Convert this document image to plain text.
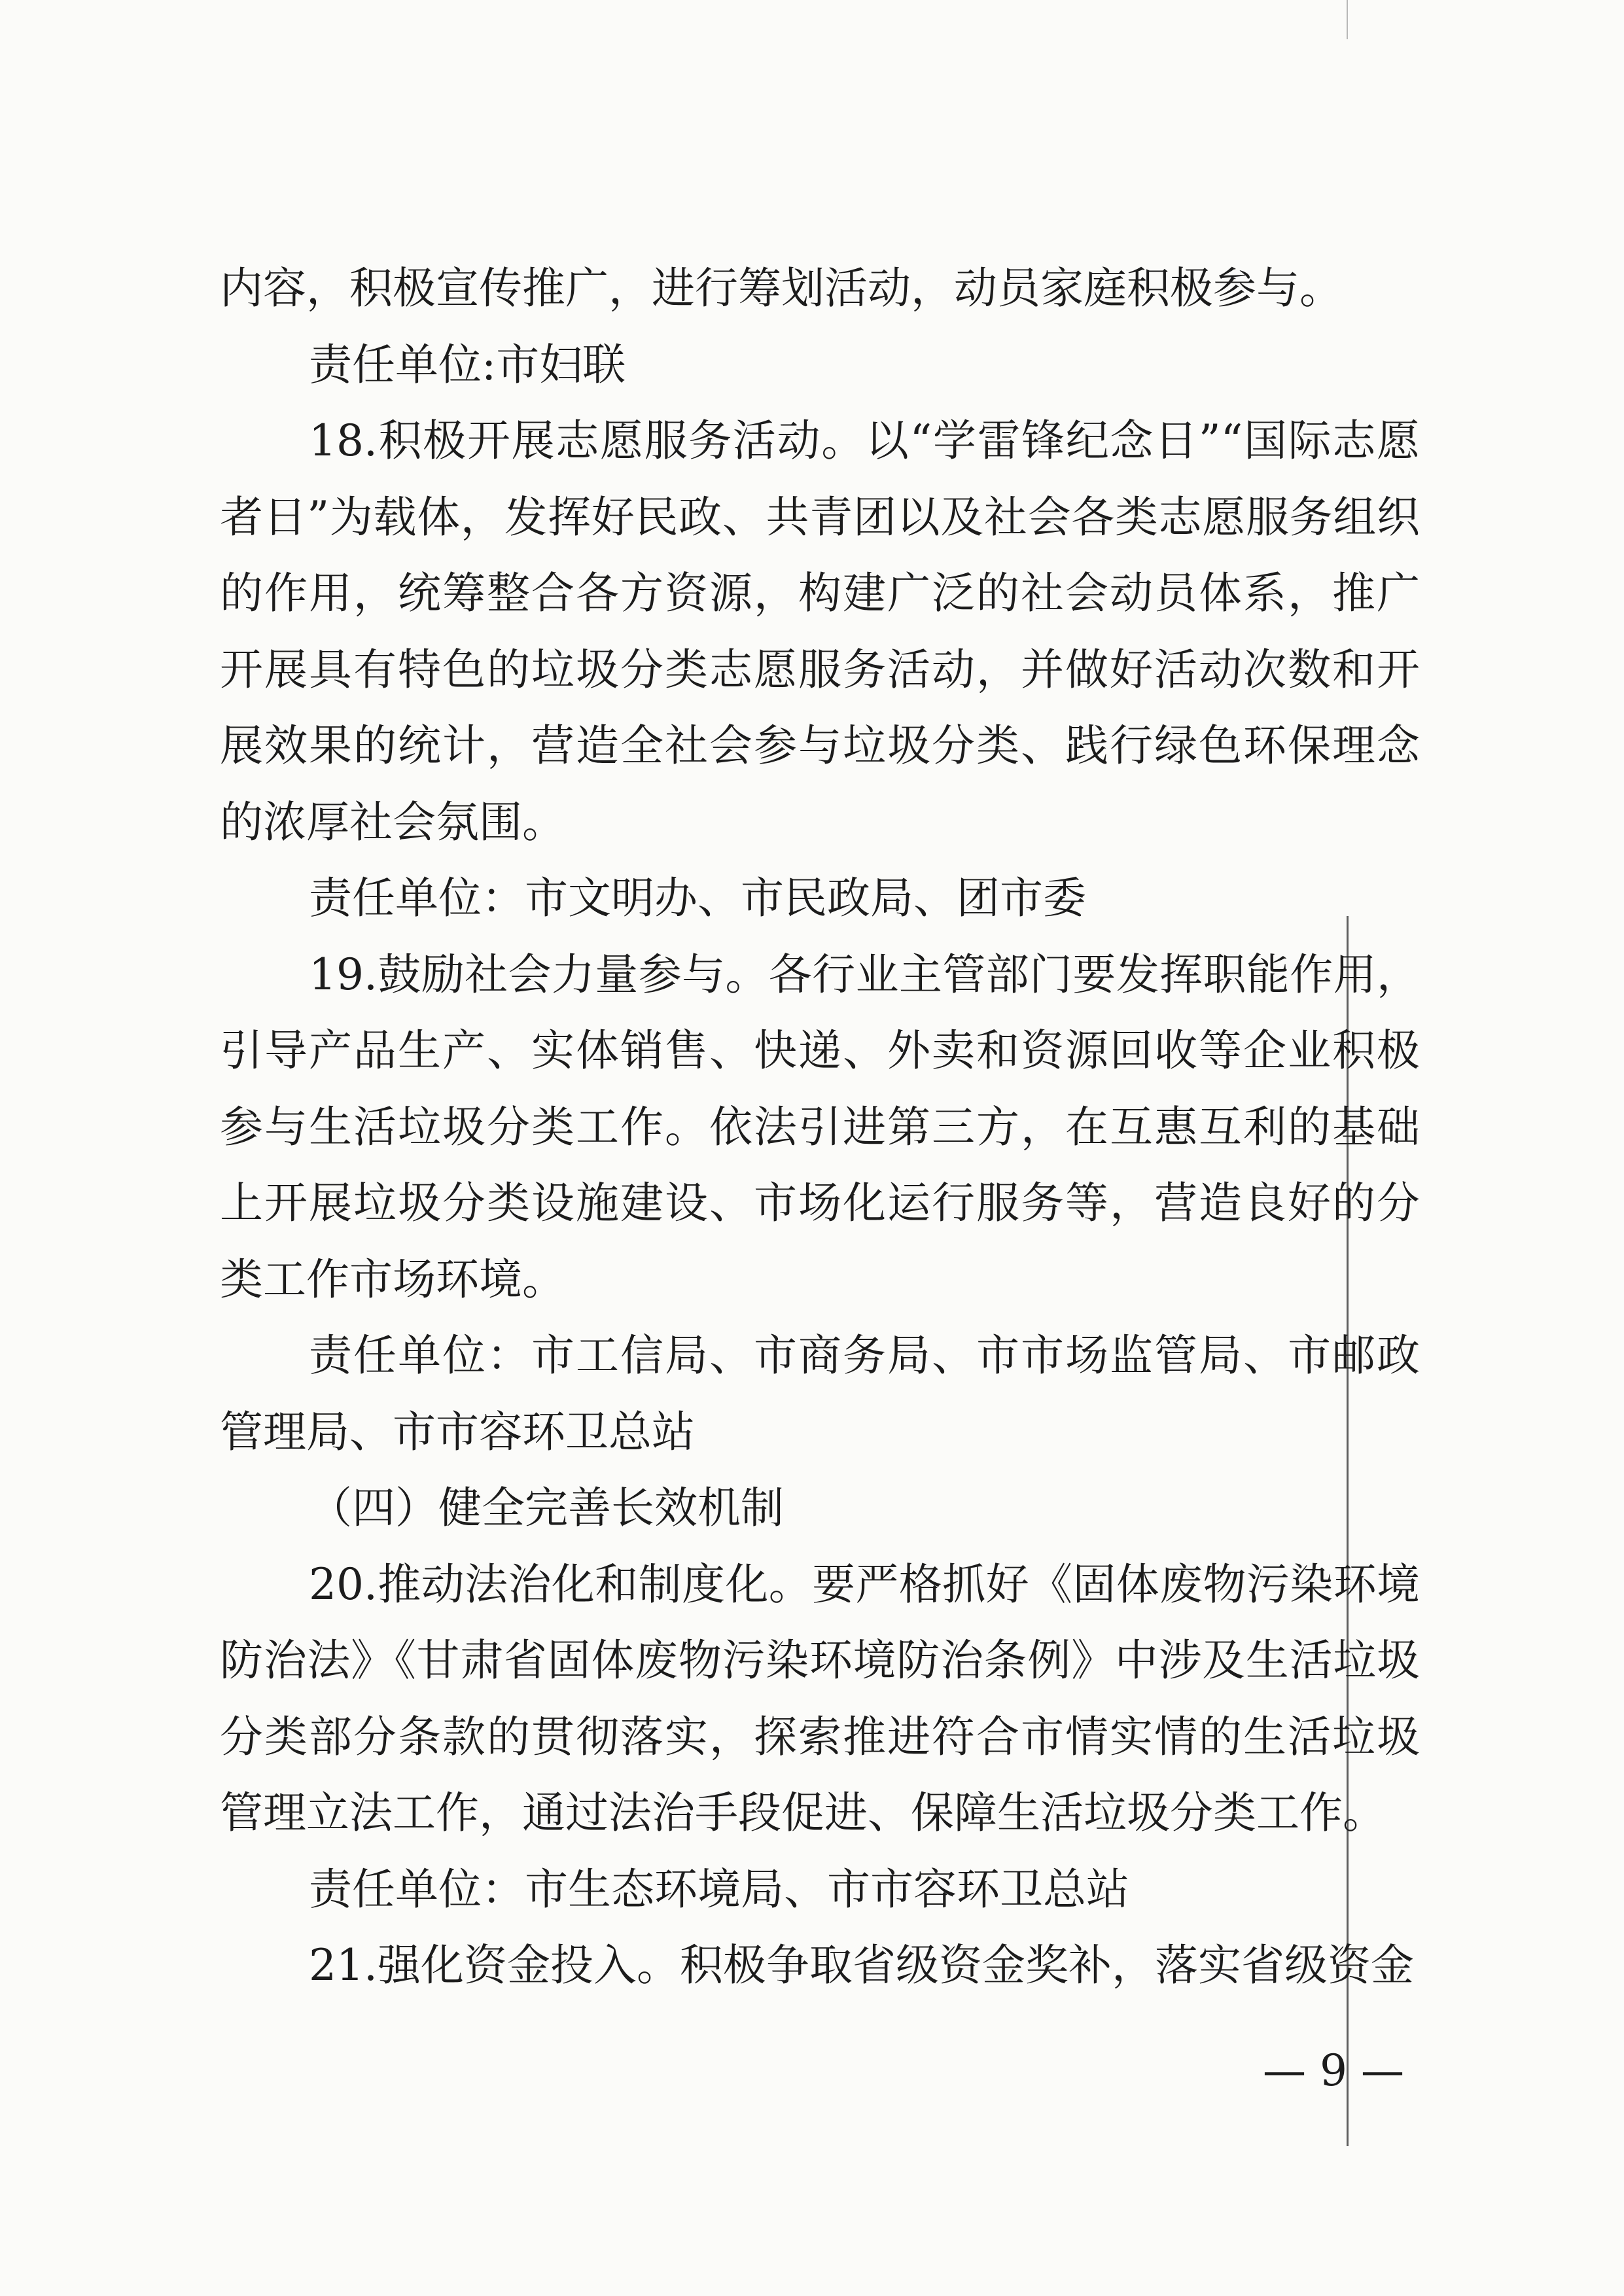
内容，积极宣传推广，进行筹划活动，动员家庭积极参与。

责任单位:市妇联

18.积极开展志愿服务活动。以“学雷锋纪念日”“国际志愿者日”为载体，发挥好民政、共青团以及社会各类志愿服务组织的作用，统筹整合各方资源，构建广泛的社会动员体系，推广开展具有特色的垃圾分类志愿服务活动，并做好活动次数和开展效果的统计，营造全社会参与垃圾分类、践行绿色环保理念的浓厚社会氛围。

责任单位：市文明办、市民政局、团市委

19.鼓励社会力量参与。各行业主管部门要发挥职能作用，引导产品生产、实体销售、快递、外卖和资源回收等企业积极参与生活垃圾分类工作。依法引进第三方，在互惠互利的基础上开展垃圾分类设施建设、市场化运行服务等，营造良好的分类工作市场环境。

责任单位：市工信局、市商务局、市市场监管局、市邮政管理局、市市容环卫总站

（四）健全完善长效机制

20.推动法治化和制度化。要严格抓好《固体废物污染环境防治法》《甘肃省固体废物污染环境防治条例》中涉及生活垃圾分类部分条款的贯彻落实，探索推进符合市情实情的生活垃圾管理立法工作，通过法治手段促进、保障生活垃圾分类工作。

责任单位：市生态环境局、市市容环卫总站

21.强化资金投入。积极争取省级资金奖补，落实省级资金

— 9 —
